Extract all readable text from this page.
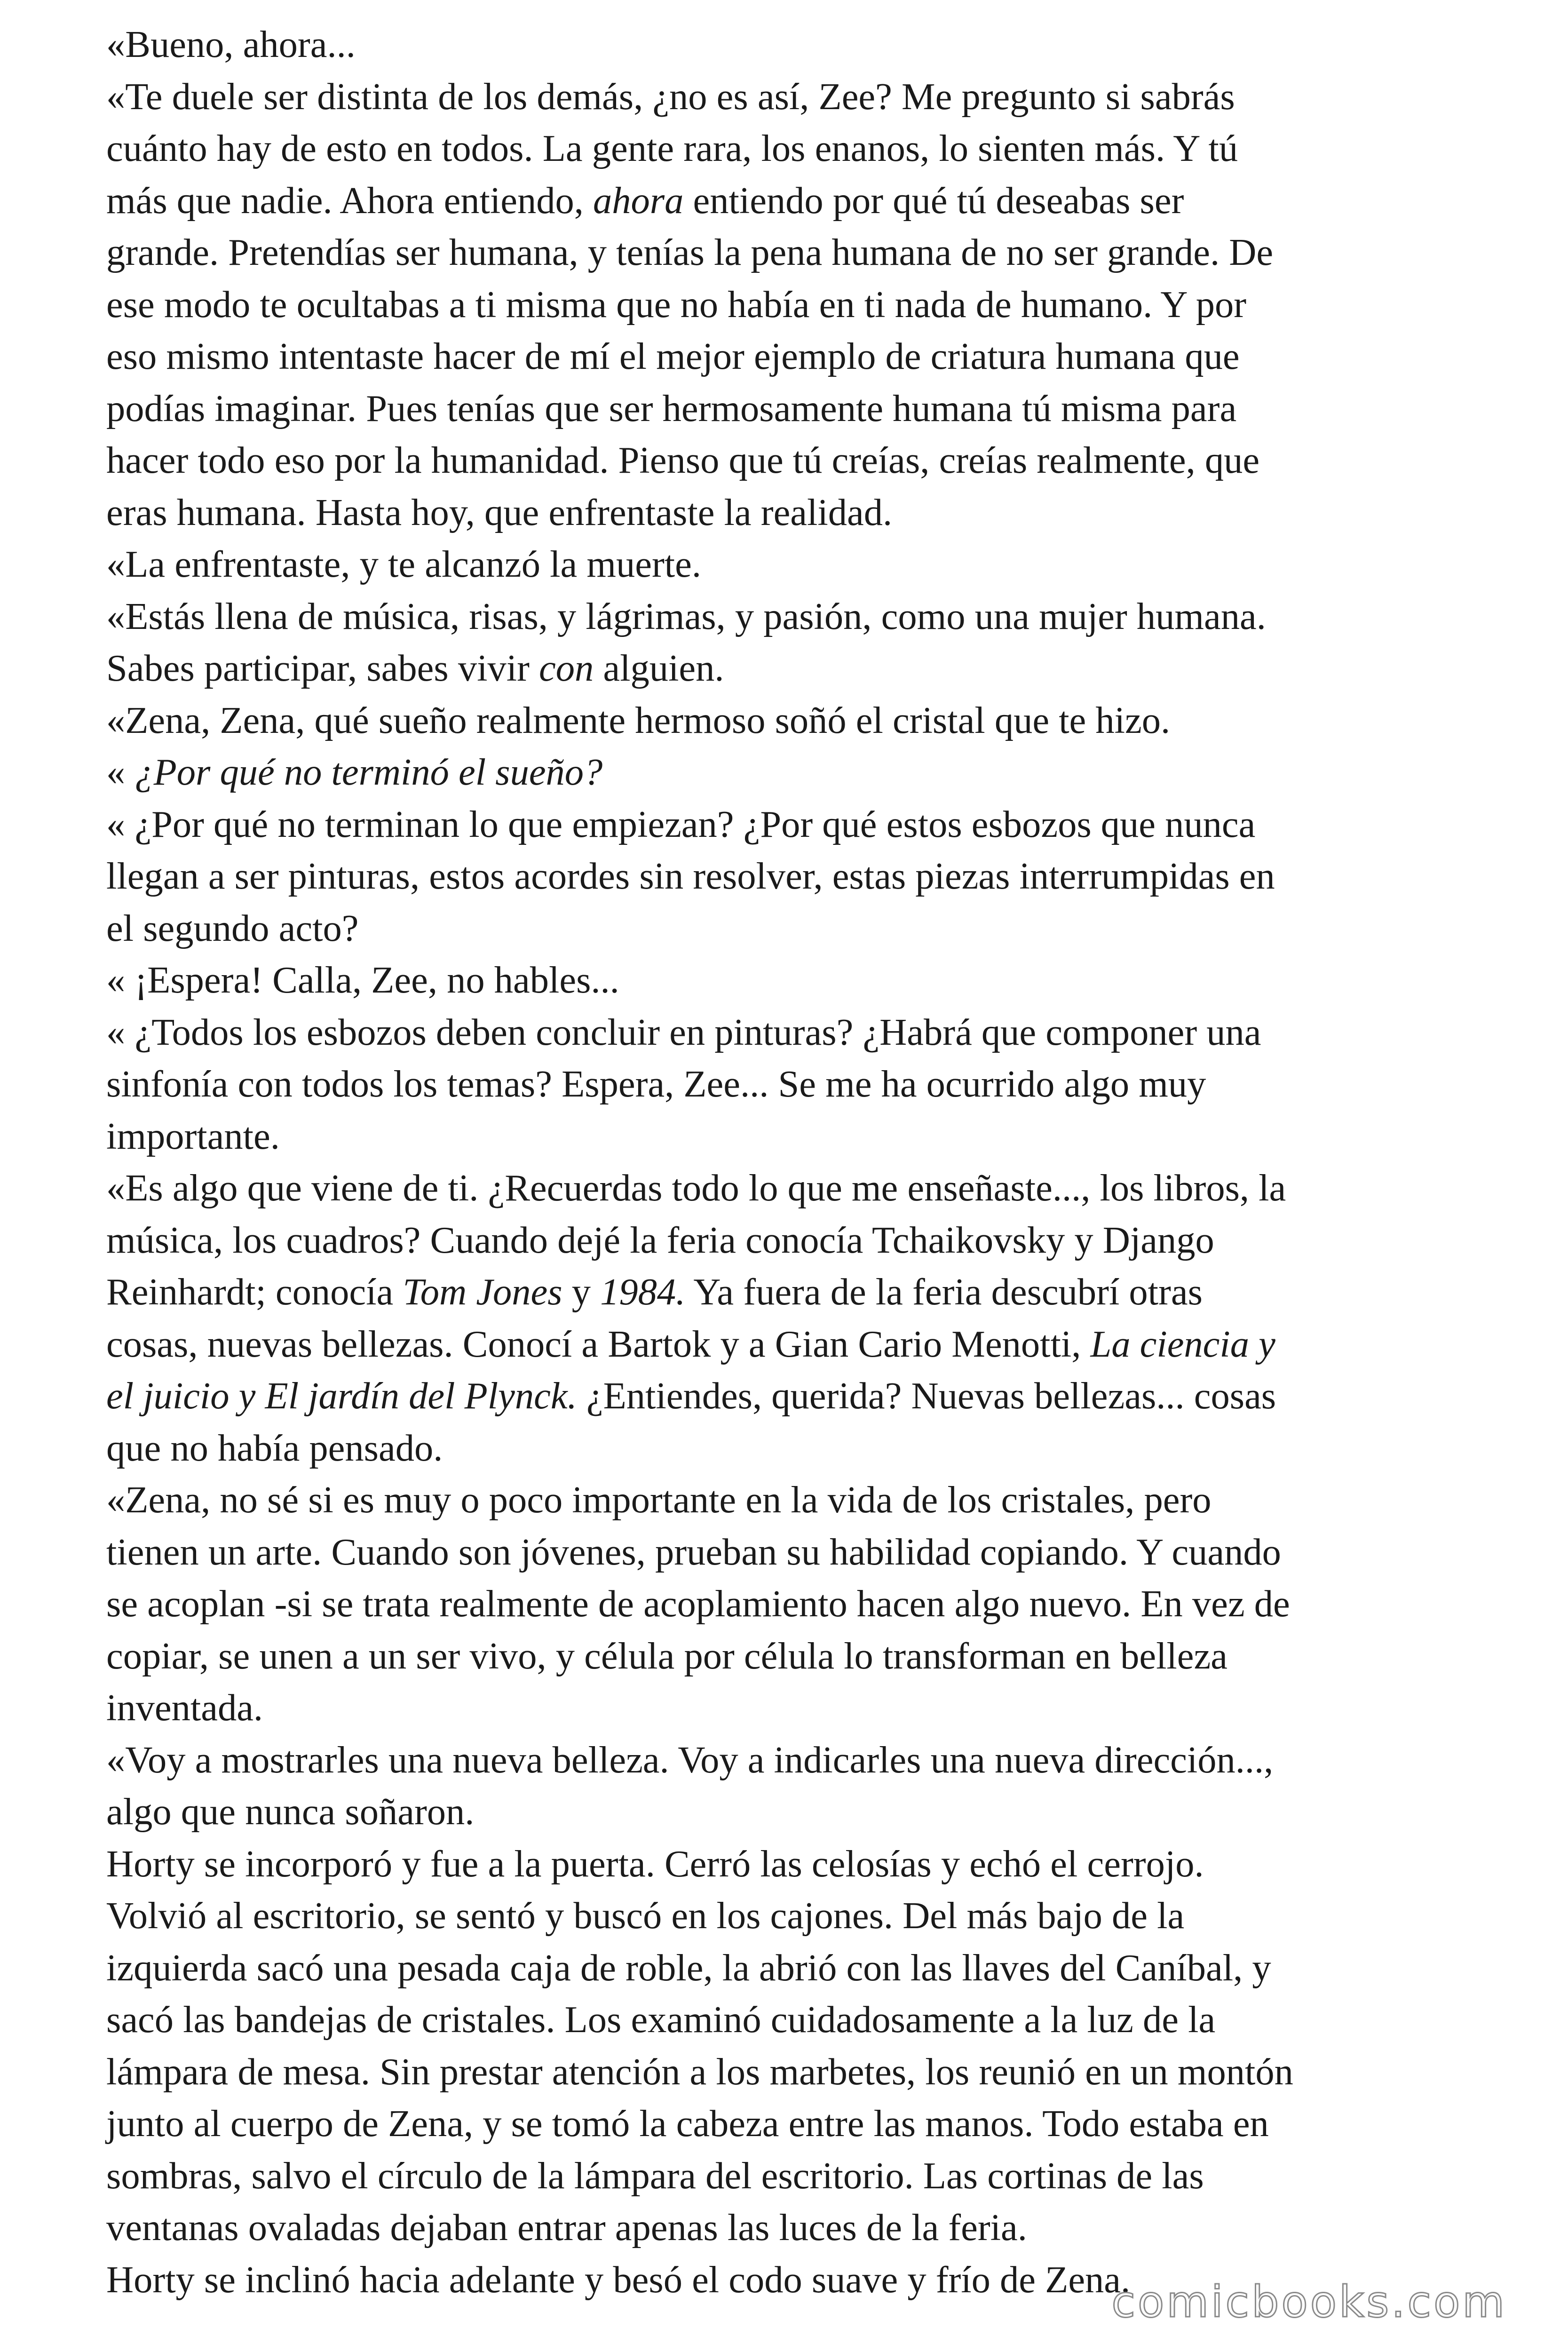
«Bueno, ahora...
«Te duele ser distinta de los demás, ¿no es así, Zee? Me pregunto si sabrás
cuánto hay de esto en todos. La gente rara, los enanos, lo sienten más. Y tú
más que nadie. Ahora entiendo, ahora entiendo por qué tú deseabas ser
grande. Pretendías ser humana, y tenías la pena humana de no ser grande. De
ese modo te ocultabas a ti misma que no había en ti nada de humano. Y por
eso mismo intentaste hacer de mí el mejor ejemplo de criatura humana que
podías imaginar. Pues tenías que ser hermosamente humana tú misma para
hacer todo eso por la humanidad. Pienso que tú creías, creías realmente, que
eras humana. Hasta hoy, que enfrentaste la realidad.
«La enfrentaste, y te alcanzó la muerte.
«Estás llena de música, risas, y lágrimas, y pasión, como una mujer humana.
Sabes participar, sabes vivir con alguien.
«Zena, Zena, qué sueño realmente hermoso soñó el cristal que te hizo.
« ¿Por qué no terminó el sueño?
« ¿Por qué no terminan lo que empiezan? ¿Por qué estos esbozos que nunca
llegan a ser pinturas, estos acordes sin resolver, estas piezas interrumpidas en
el segundo acto?
« ¡Espera! Calla, Zee, no hables...
« ¿Todos los esbozos deben concluir en pinturas? ¿Habrá que componer una
sinfonía con todos los temas? Espera, Zee... Se me ha ocurrido algo muy
importante.
«Es algo que viene de ti. ¿Recuerdas todo lo que me enseñaste..., los libros, la
música, los cuadros? Cuando dejé la feria conocía Tchaikovsky y Django
Reinhardt; conocía Tom Jones y 1984. Ya fuera de la feria descubrí otras
cosas, nuevas bellezas. Conocí a Bartok y a Gian Cario Menotti, La ciencia y
el juicio y El jardín del Plynck. ¿Entiendes, querida? Nuevas bellezas... cosas
que no había pensado.
«Zena, no sé si es muy o poco importante en la vida de los cristales, pero
tienen un arte. Cuando son jóvenes, prueban su habilidad copiando. Y cuando
se acoplan -si se trata realmente de acoplamiento hacen algo nuevo. En vez de
copiar, se unen a un ser vivo, y célula por célula lo transforman en belleza
inventada.
«Voy a mostrarles una nueva belleza. Voy a indicarles una nueva dirección...,
algo que nunca soñaron.
Horty se incorporó y fue a la puerta. Cerró las celosías y echó el cerrojo.
Volvió al escritorio, se sentó y buscó en los cajones. Del más bajo de la
izquierda sacó una pesada caja de roble, la abrió con las llaves del Caníbal, y
sacó las bandejas de cristales. Los examinó cuidadosamente a la luz de la
lámpara de mesa. Sin prestar atención a los marbetes, los reunió en un montón
junto al cuerpo de Zena, y se tomó la cabeza entre las manos. Todo estaba en
sombras, salvo el círculo de la lámpara del escritorio. Las cortinas de las
ventanas ovaladas dejaban entrar apenas las luces de la feria.
Horty se inclinó hacia adelante y besó el codo suave y frío de Zena.
comicbooks.com
